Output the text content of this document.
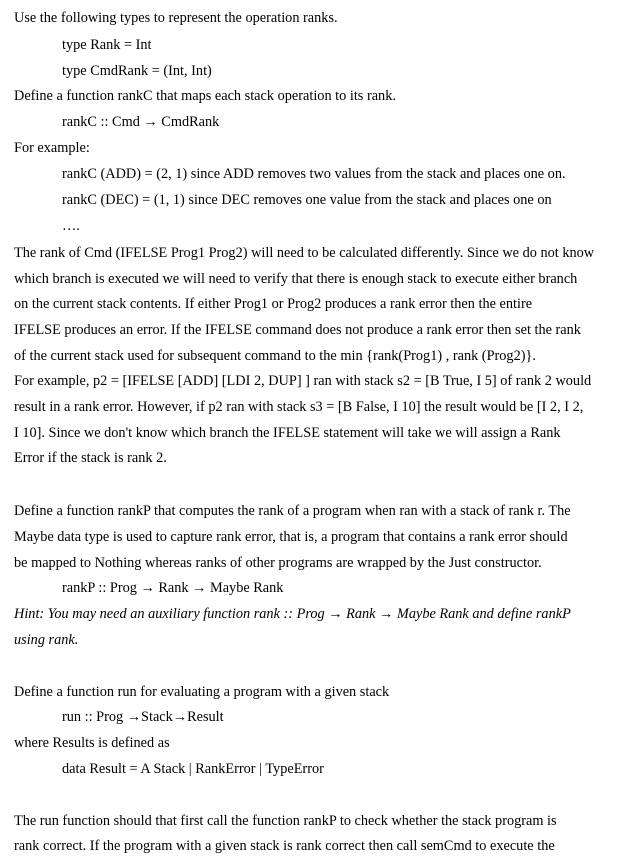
Use the following types to represent the operation ranks.
type Rank = Int
type CmdRank = (Int, Int)
Define a function rankC that maps each stack operation to its rank.
rankC :: Cmd → CmdRank
For example:
rankC (ADD) = (2, 1) since ADD removes two values from the stack and places one on.
rankC (DEC) = (1, 1) since DEC removes one value from the stack and places one on
….
The rank of Cmd (IFELSE Prog1 Prog2) will need to be calculated differently. Since we do not know
which branch is executed we will need to verify that there is enough stack to execute either branch
on the current stack contents. If either Prog1 or Prog2 produces a rank error then the entire
IFELSE produces an error. If the IFELSE command does not produce a rank error then set the rank
of the current stack used for subsequent command to the min {rank(Prog1) , rank (Prog2)}.
For example, p2 = [IFELSE [ADD] [LDI 2, DUP] ] ran with stack s2 = [B True, I 5] of rank 2 would
result in a rank error. However, if p2 ran with stack s3 = [B False, I 10] the result would be [I 2, I 2,
I 10]. Since we don't know which branch the IFELSE statement will take we will assign a Rank
Error if the stack is rank 2.
Define a function rankP that computes the rank of a program when ran with a stack of rank r. The
Maybe data type is used to capture rank error, that is, a program that contains a rank error should
be mapped to Nothing whereas ranks of other programs are wrapped by the Just constructor.
rankP :: Prog → Rank → Maybe Rank
Hint: You may need an auxiliary function rank :: Prog → Rank → Maybe Rank and define rankP
using rank.
Define a function run for evaluating a program with a given stack
run :: Prog →Stack→Result
where Results is defined as
data Result = A Stack | RankError | TypeError
The run function should that first call the function rankP to check whether the stack program is
rank correct. If the program with a given stack is rank correct then call semCmd to execute the
